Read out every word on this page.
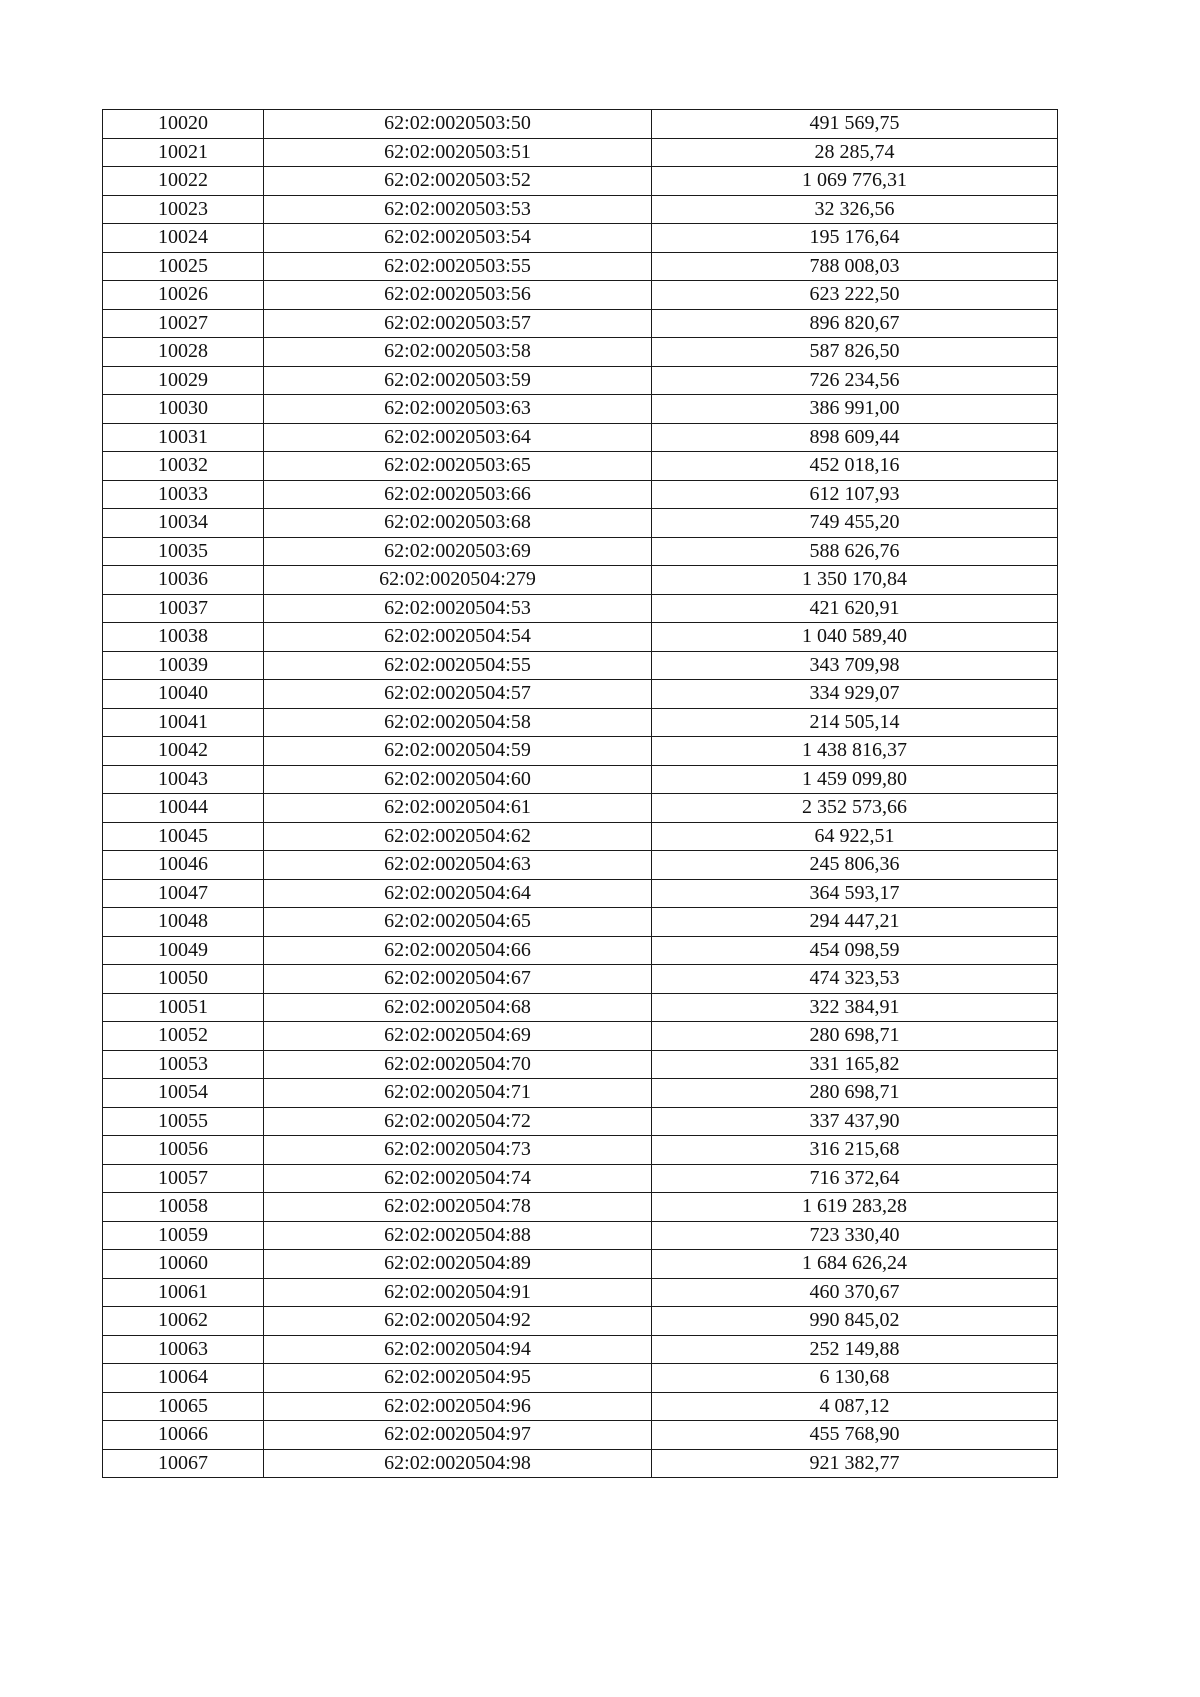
10020	62:02:0020503:50	491 569,75
10021	62:02:0020503:51	28 285,74
10022	62:02:0020503:52	1 069 776,31
10023	62:02:0020503:53	32 326,56
10024	62:02:0020503:54	195 176,64
10025	62:02:0020503:55	788 008,03
10026	62:02:0020503:56	623 222,50
10027	62:02:0020503:57	896 820,67
10028	62:02:0020503:58	587 826,50
10029	62:02:0020503:59	726 234,56
10030	62:02:0020503:63	386 991,00
10031	62:02:0020503:64	898 609,44
10032	62:02:0020503:65	452 018,16
10033	62:02:0020503:66	612 107,93
10034	62:02:0020503:68	749 455,20
10035	62:02:0020503:69	588 626,76
10036	62:02:0020504:279	1 350 170,84
10037	62:02:0020504:53	421 620,91
10038	62:02:0020504:54	1 040 589,40
10039	62:02:0020504:55	343 709,98
10040	62:02:0020504:57	334 929,07
10041	62:02:0020504:58	214 505,14
10042	62:02:0020504:59	1 438 816,37
10043	62:02:0020504:60	1 459 099,80
10044	62:02:0020504:61	2 352 573,66
10045	62:02:0020504:62	64 922,51
10046	62:02:0020504:63	245 806,36
10047	62:02:0020504:64	364 593,17
10048	62:02:0020504:65	294 447,21
10049	62:02:0020504:66	454 098,59
10050	62:02:0020504:67	474 323,53
10051	62:02:0020504:68	322 384,91
10052	62:02:0020504:69	280 698,71
10053	62:02:0020504:70	331 165,82
10054	62:02:0020504:71	280 698,71
10055	62:02:0020504:72	337 437,90
10056	62:02:0020504:73	316 215,68
10057	62:02:0020504:74	716 372,64
10058	62:02:0020504:78	1 619 283,28
10059	62:02:0020504:88	723 330,40
10060	62:02:0020504:89	1 684 626,24
10061	62:02:0020504:91	460 370,67
10062	62:02:0020504:92	990 845,02
10063	62:02:0020504:94	252 149,88
10064	62:02:0020504:95	6 130,68
10065	62:02:0020504:96	4 087,12
10066	62:02:0020504:97	455 768,90
10067	62:02:0020504:98	921 382,77
